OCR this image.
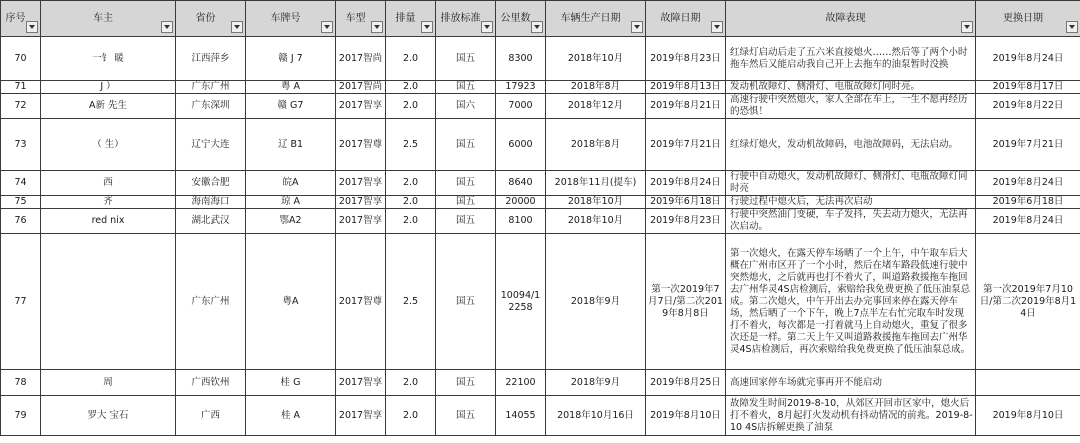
序号	车主	省份	车牌号	车型	排量	排放标准	公里数	车辆生产日期	故障日期	故障表现	更换日期

70	一钅 暖	江西萍乡	赣 J 7	2017智尚	2.0	国五	8300	2018年10月	2019年8月23日	红绿灯启动后走了五六米直接熄火……然后等了两个小时拖车然后又能启动我自己开上去拖车的油泵暂时没换	2019年8月24日
71	J ）	广东广州	粤 A	2017智尚	2.0	国五	17923	2018年8月	2019年8月13日	发动机故障灯、侧滑灯、电瓶故障灯同时亮。	2019年8月17日
72	A新 先生	广东深圳	赣 G7	2017智享	2.0	国六	7000	2018年12月	2019年8月21日	高速行驶中突然熄火，家人全部在车上，一生不愿再经历的恐惧！	2019年8月22日
73	（ 生）	辽宁大连	辽 B1	2017智尊	2.5	国五	6000	2018年8月	2019年7月21日	红绿灯熄火，发动机故障码，电池故障码，无法启动。	2019年7月21日
74	西	安徽合肥	皖A	2017智享	2.0	国五	8640	2018年11月(提车)	2019年8月24日	行驶中自动熄火，发动机故障灯、侧滑灯、电瓶故障灯同时亮	2019年8月24日
75	齐	海南海口	琼 A	2017智享	2.0	国五	20000	2018年10月	2019年6月18日	行驶过程中熄火后，无法再次启动	2019年6月18日
76	red nix	湖北武汉	鄂A2	2017智享	2.0	国五	8100	2018年10月	2019年8月23日	行驶中突然油门变硬，车子发抖，失去动力熄火，无法再次启动。	2019年8月24日
77		广东广州	粤A	2017智尊	2.5	国五	10094/12258	2018年9月	第一次2019年7月7日/第二次2019年8月8日	第一次熄火，在露天停车场晒了一个上午，中午取车后大概在广州市区开了一个小时，然后在堵车路段低速行驶中突然熄火，之后就再也打不着火了，叫道路救援拖车拖回去广州华灵4S店检测后，索赔给我免费更换了低压油泵总成。第二次熄火，中午开出去办完事回来停在露天停车场，然后晒了一个下午，晚上7点半左右忙完取车时发现打不着火，每次都是一打着就马上自动熄火，重复了很多次还是一样。第二天上午又叫道路救援拖车拖回去广州华灵4S店检测后，再次索赔给我免费更换了低压油泵总成。	第一次2019年7月10日/第二次2019年8月14日
78	周	广西钦州	桂 G	2017智享	2.0	国五	22100	2018年9月	2019年8月25日	高速回家停车场就完事再开不能启动	
79	罗大 宝石	广西	桂 A	2017智享	2.0	国五	14055	2018年10月16日	2019年8月10日	故障发生时间2019-8-10，从郊区开回市区家中，熄火后打不着火，8月起打火发动机有抖动情况的前兆。2019-8-10 4S店拆解更换了油泵	2019年8月10日
